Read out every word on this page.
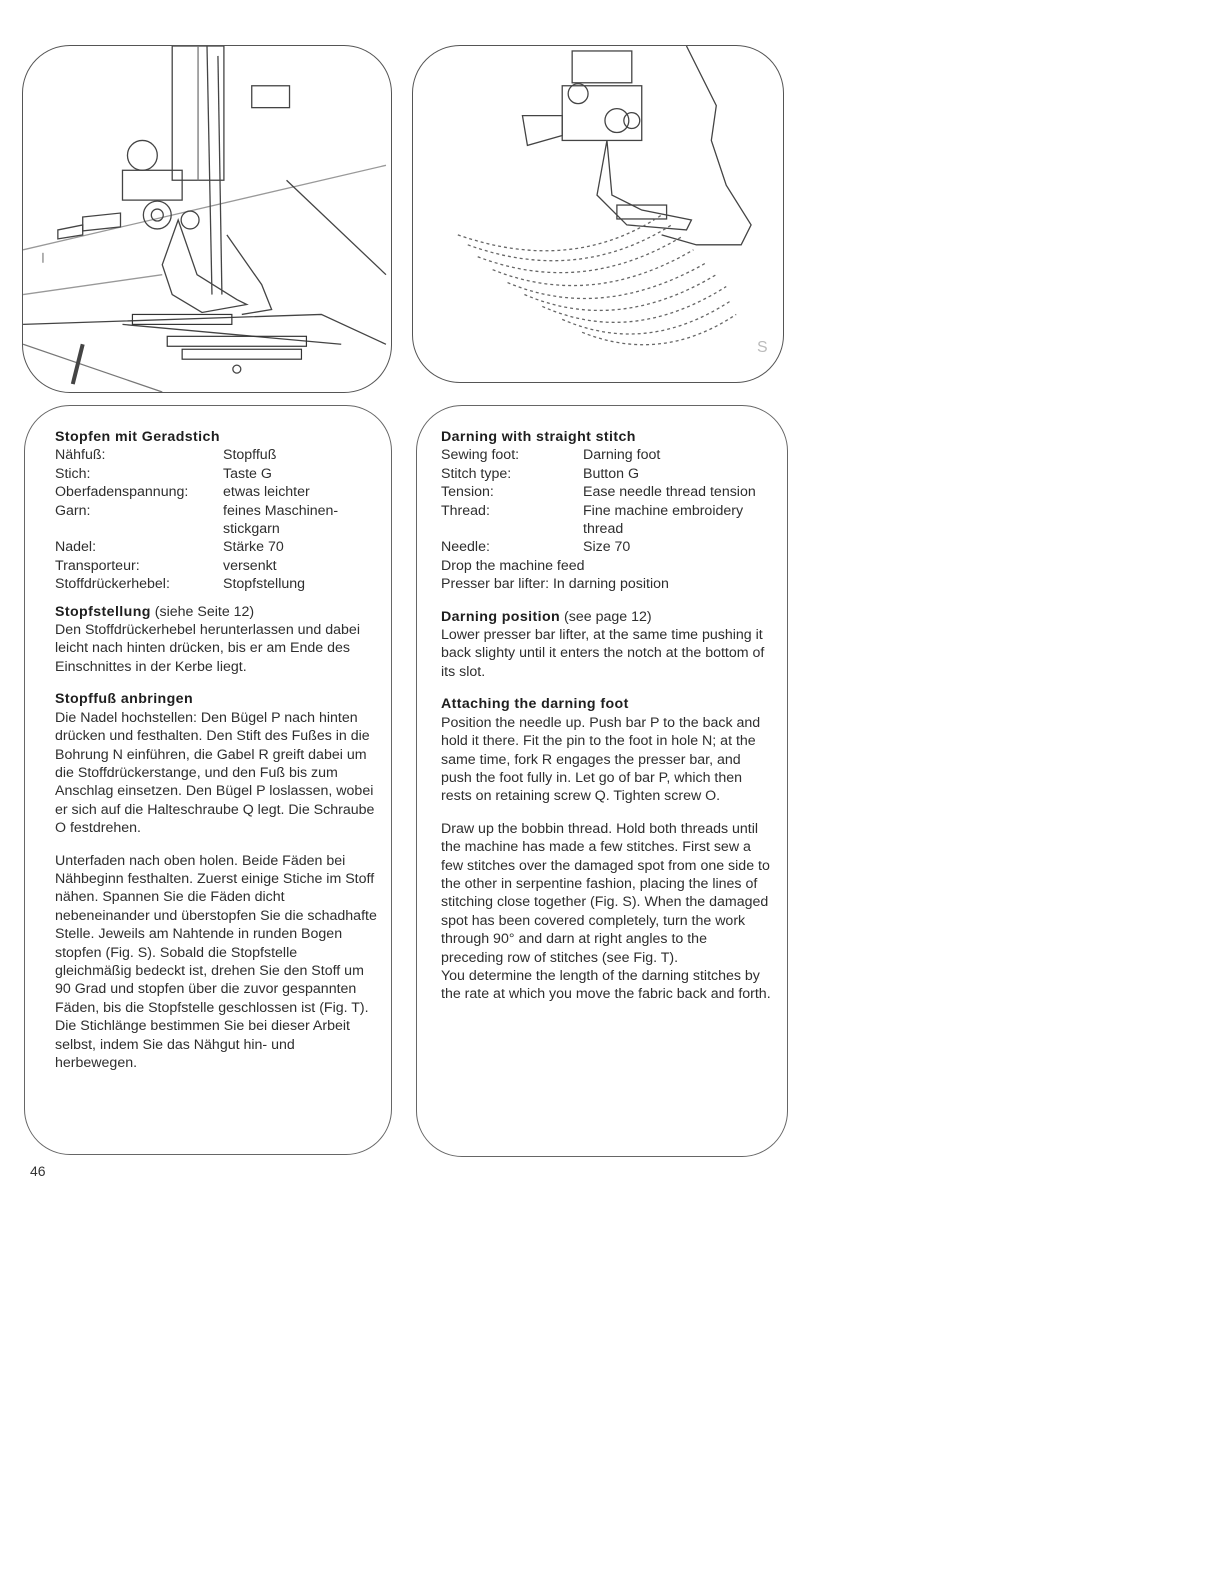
S
Stopfen mit Geradstich
Nähfuß:	Stopffuß
Stich:	Taste G
Oberfadenspannung:	etwas leichter
Garn:	feines Maschinen-stickgarn
Nadel:	Stärke 70
Transporteur:	versenkt
Stoffdrückerhebel:	Stopfstellung

Stopfstellung (siehe Seite 12)
Den Stoffdrückerhebel herunterlassen und dabei leicht nach hinten drücken, bis er am Ende des Einschnittes in der Kerbe liegt.

Stopffuß anbringen

Die Nadel hochstellen: Den Bügel P nach hinten drücken und festhalten. Den Stift des Fußes in die Bohrung N einführen, die Gabel R greift dabei um die Stoffdrückerstange, und den Fuß bis zum Anschlag einsetzen. Den Bügel P loslassen, wobei er sich auf die Halteschraube Q legt. Die Schraube O festdrehen.

Unterfaden nach oben holen. Beide Fäden bei Nähbeginn festhalten. Zuerst einige Stiche im Stoff nähen. Spannen Sie die Fäden dicht nebeneinander und überstopfen Sie die schadhafte Stelle. Jeweils am Nahtende in runden Bogen stopfen (Fig. S). Sobald die Stopfstelle gleichmäßig bedeckt ist, drehen Sie den Stoff um 90 Grad und stopfen über die zuvor gespannten Fäden, bis die Stopfstelle geschlossen ist (Fig. T).

Die Stichlänge bestimmen Sie bei dieser Arbeit selbst, indem Sie das Nähgut hin- und herbewegen.

Darning with straight stitch
Sewing foot:	Darning foot
Stitch type:	Button G
Tension:	Ease needle thread tension
Thread:	Fine machine embroidery thread
Needle:	Size 70
Drop the machine feed
Presser bar lifter: In darning position

Darning position (see page 12)
Lower presser bar lifter, at the same time pushing it back slighty until it enters the notch at the bottom of its slot.

Attaching the darning foot

Position the needle up. Push bar P to the back and hold it there. Fit the pin to the foot in hole N; at the same time, fork R engages the presser bar, and push the foot fully in. Let go of bar P, which then rests on retaining screw Q. Tighten screw O.

Draw up the bobbin thread. Hold both threads until the machine has made a few stitches. First sew a few stitches over the damaged spot from one side to the other in serpentine fashion, placing the lines of stitching close together (Fig. S). When the damaged spot has been covered completely, turn the work through 90° and darn at right angles to the preceding row of stitches (see Fig. T).

You determine the length of the darning stitches by the rate at which you move the fabric back and forth.

46
